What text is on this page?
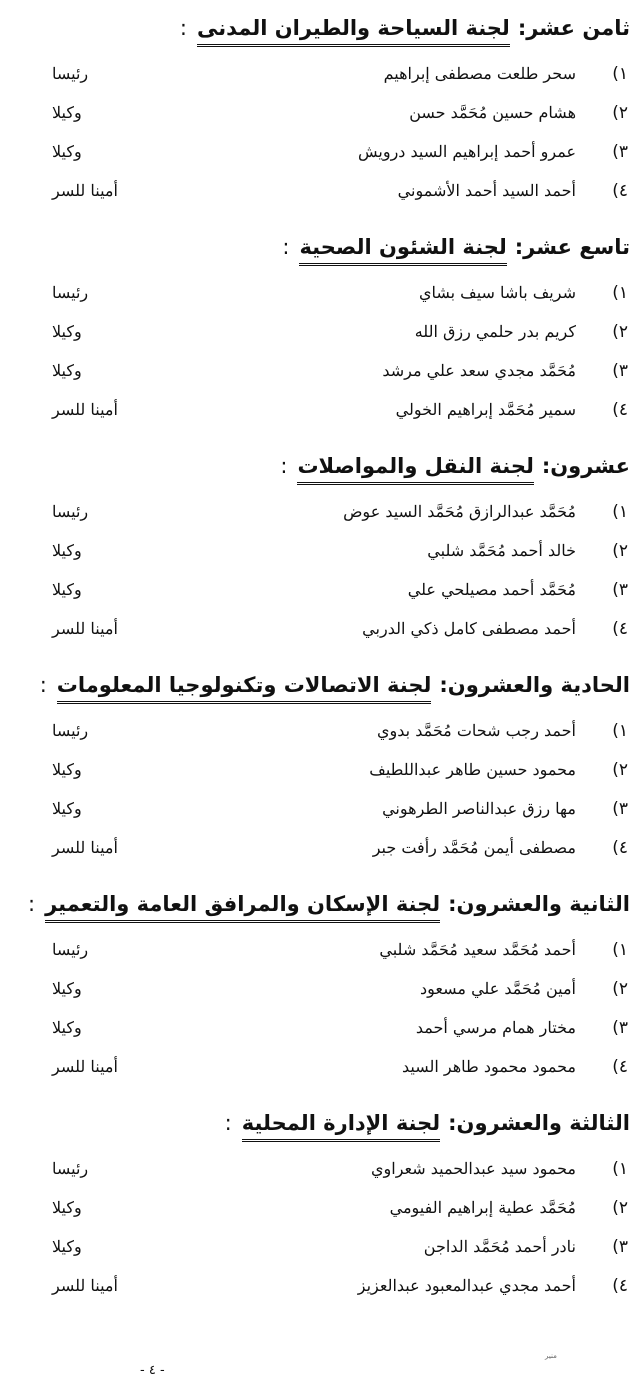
ثامن عشر:
لجنة السياحة والطيران المدنى
:
١)
سحر طلعت مصطفى إبراهيم
رئيسا
٢)
هشام حسين مُحَمَّد حسن
وكيلا
٣)
عمرو أحمد إبراهيم السيد درويش
وكيلا
٤)
أحمد السيد أحمد الأشموني
أمينا للسر
تاسع عشر:
لجنة الشئون الصحية
:
١)
شريف باشا سيف بشاي
رئيسا
٢)
كريم بدر حلمي رزق الله
وكيلا
٣)
مُحَمَّد مجدي سعد علي مرشد
وكيلا
٤)
سمير مُحَمَّد إبراهيم الخولي
أمينا للسر
عشرون:
لجنة النقل والمواصلات
:
١)
مُحَمَّد عبدالرازق مُحَمَّد السيد عوض
رئيسا
٢)
خالد أحمد مُحَمَّد شلبي
وكيلا
٣)
مُحَمَّد أحمد مصيلحي علي
وكيلا
٤)
أحمد مصطفى كامل ذكي الدربي
أمينا للسر
الحادية والعشرون:
لجنة الاتصالات وتكنولوجيا المعلومات
:
١)
أحمد رجب شحات مُحَمَّد بدوي
رئيسا
٢)
محمود حسين طاهر عبداللطيف
وكيلا
٣)
مها رزق عبدالناصر الطرهوني
وكيلا
٤)
مصطفى أيمن مُحَمَّد رأفت جبر
أمينا للسر
الثانية والعشرون:
لجنة الإسكان والمرافق العامة والتعمير
:
١)
أحمد مُحَمَّد سعيد مُحَمَّد شلبي
رئيسا
٢)
أمين مُحَمَّد علي مسعود
وكيلا
٣)
مختار همام مرسي أحمد
وكيلا
٤)
محمود محمود طاهر السيد
أمينا للسر
الثالثة والعشرون:
لجنة الإدارة المحلية
:
١)
محمود سيد عبدالحميد شعراوي
رئيسا
٢)
مُحَمَّد عطية إبراهيم الفيومي
وكيلا
٣)
نادر أحمد مُحَمَّد الداجن
وكيلا
٤)
أحمد مجدي عبدالمعبود عبدالعزيز
أمينا للسر
- ٤ -
منير
